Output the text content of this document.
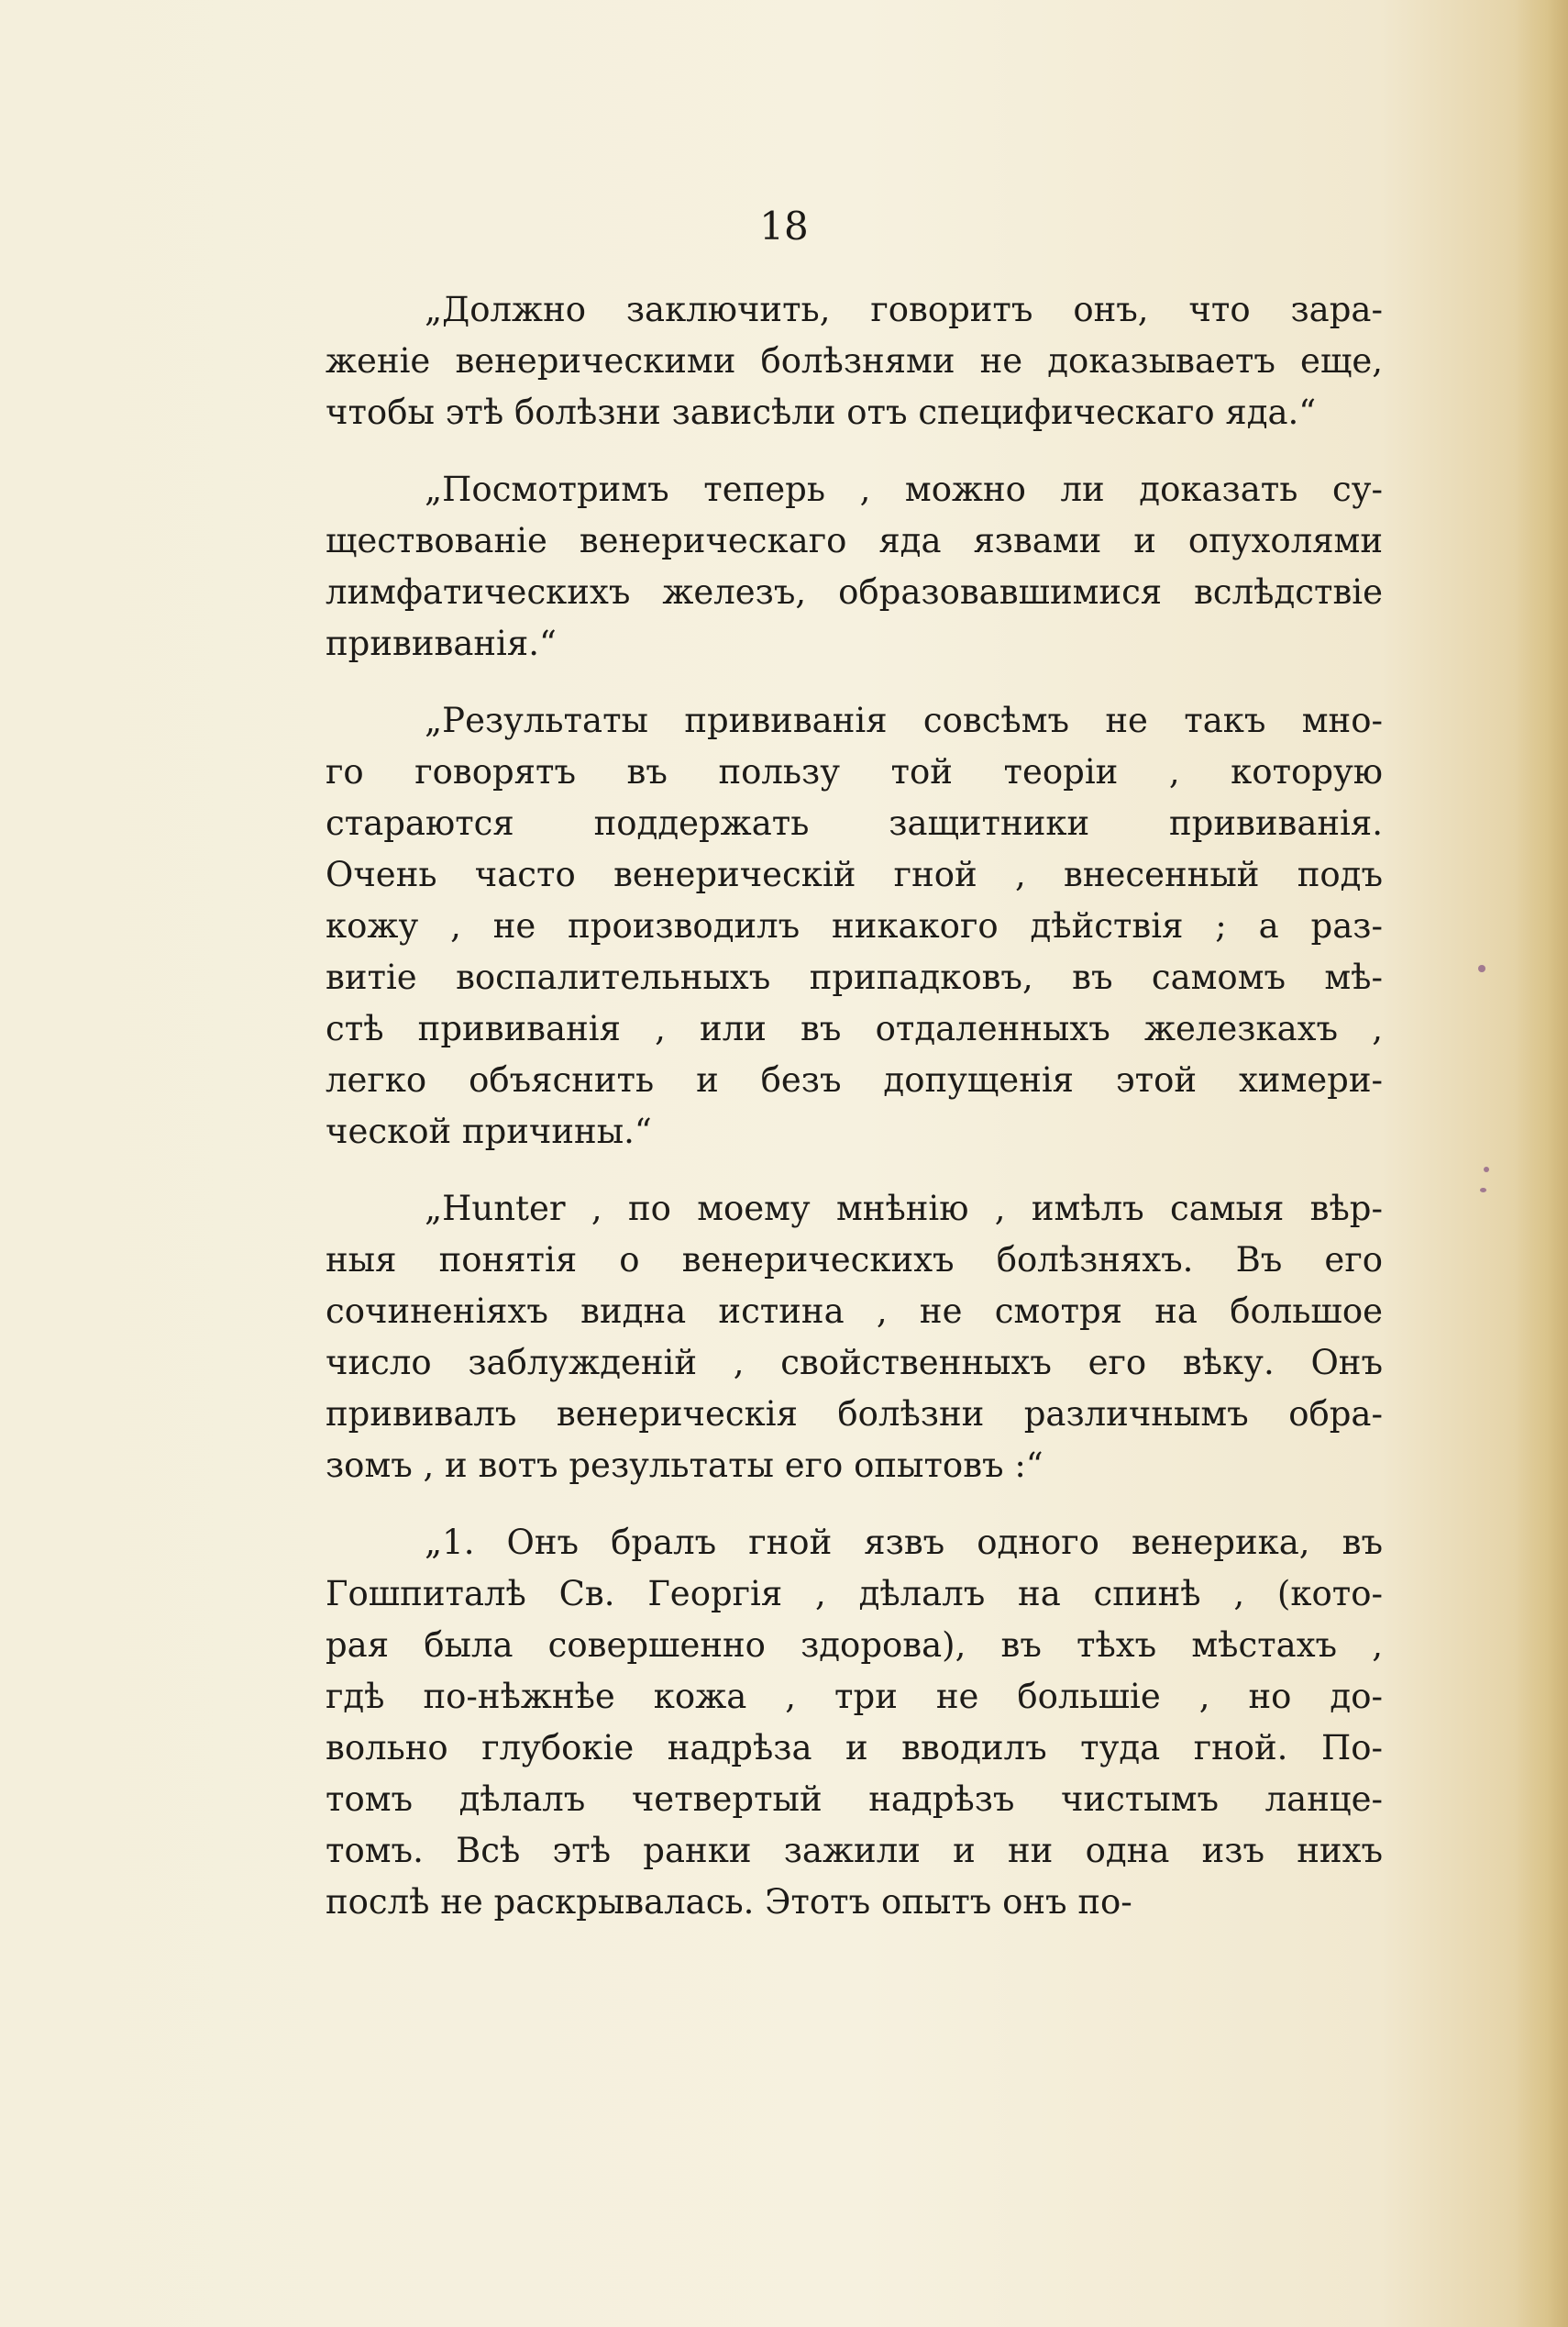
18

„Должно заключить, говоритъ онъ, что зара-
женіе венерическими болѣзнями не доказываетъ еще,
чтобы этѣ болѣзни зависѣли отъ специфическаго яда.“
„Посмотримъ теперь , можно ли доказать су-
ществованіе венерическаго яда язвами и опухолями
лимфатическихъ железъ, образовавшимися вслѣдствіе
прививанія.“
„Результаты прививанія совсѣмъ не такъ мно-
го говорятъ въ пользу той теоріи , которую
стараются поддержать защитники прививанія.
Очень часто венерическій гной , внесенный подъ
кожу , не производилъ никакого дѣйствія ; а раз-
витіе воспалительныхъ припадковъ, въ самомъ мѣ-
стѣ прививанія , или въ отдаленныхъ железкахъ ,
легко объяснить и безъ допущенія этой химери-
ческой причины.“
„Hunter , по моему мнѣнію , имѣлъ самыя вѣр-
ныя понятія о венерическихъ болѣзняхъ. Въ его
сочиненіяхъ видна истина , не смотря на большое
число заблужденій , свойственныхъ его вѣку. Онъ
прививалъ венерическія болѣзни различнымъ обра-
зомъ , и вотъ результаты его опытовъ :“
„1. Онъ бралъ гной язвъ одного венерика, въ
Гошпиталѣ Св. Георгія , дѣлалъ на спинѣ , (кото-
рая была совершенно здорова), въ тѣхъ мѣстахъ ,
гдѣ по-нѣжнѣе кожа , три не большіе , но до-
вольно глубокіе надрѣза и вводилъ туда гной. По-
томъ дѣлалъ четвертый надрѣзъ чистымъ ланце-
томъ. Всѣ этѣ ранки зажили и ни одна изъ нихъ
послѣ не раскрывалась. Этотъ опытъ онъ по-
